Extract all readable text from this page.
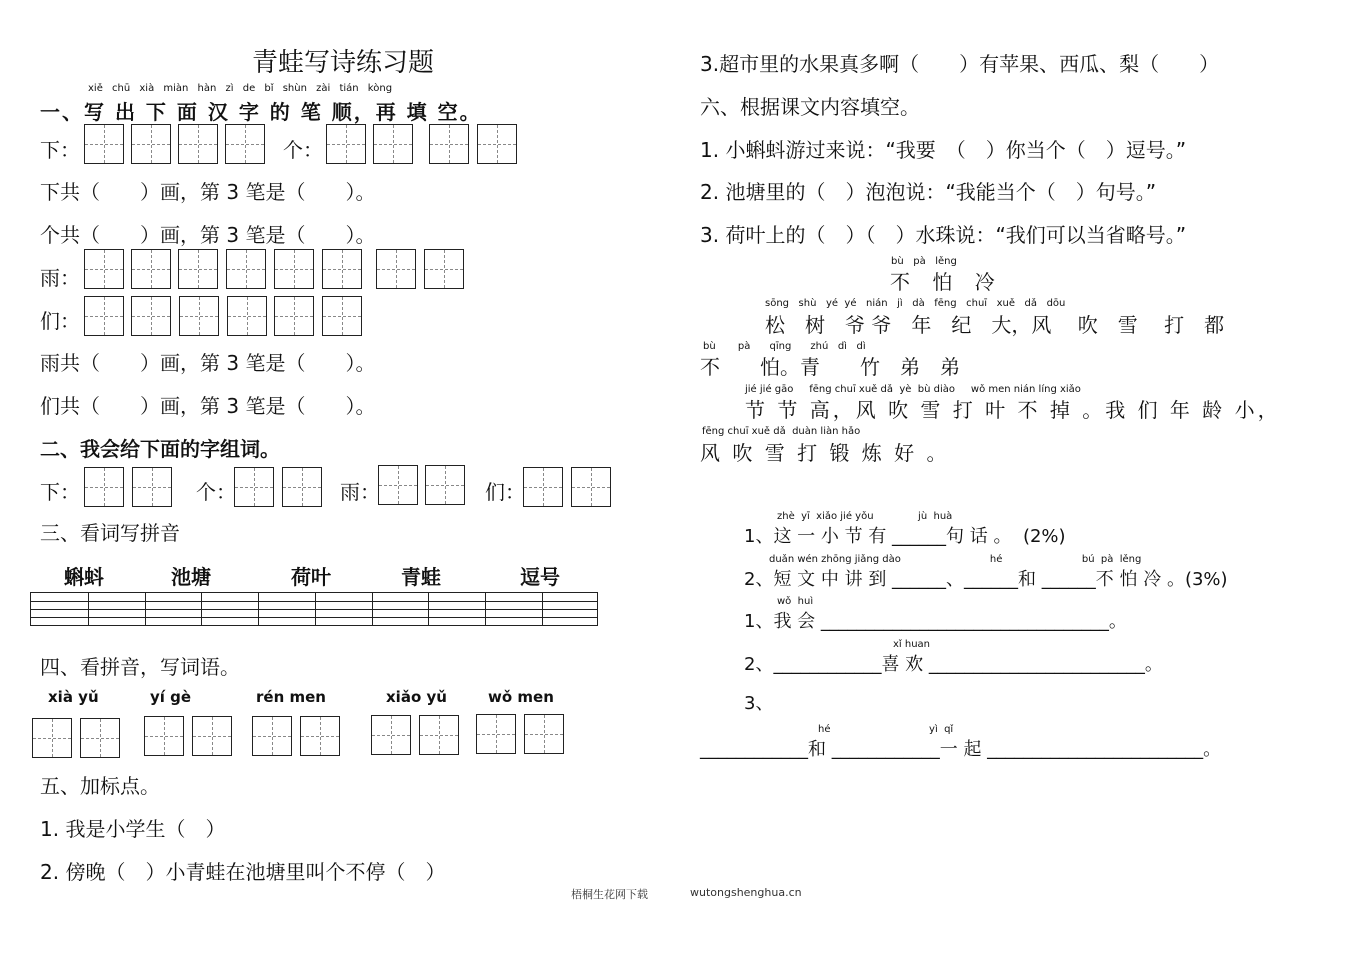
青蛙写诗练习题
xiě chū xià miàn hàn zì de bǐ shùn zài tián kòng
一、写 出 下 面 汉 字 的 笔 顺，再 填 空。
下：	个：
下共（　　）画，第 3 笔是（　　）。
个共（　　）画，第 3 笔是（　　）。
雨：
们：
雨共（　　）画，第 3 笔是（　　）。
们共（　　）画，第 3 笔是（　　）。
二、我会给下面的字组词。
下：	个：	雨：	们：
三、看词写拼音
蝌蚪	池塘	荷叶	青蛙	逗号
四、看拼音，写词语。
xià yǔ	yí gè	rén men	xiǎo yǔ	wǒ men
五、加标点。
1. 我是小学生（　）
2. 傍晚（　）小青蛙在池塘里叫个不停（　）
3.超市里的水果真多啊（　　）有苹果、西瓜、梨（　　）
六、根据课文内容填空。
1. 小蝌蚪游过来说：“我要　（　）你当个（　）逗号。”
2. 池塘里的（　）泡泡说：“我能当个（　）句号。”
3. 荷叶上的（　）（　）水珠说：“我们可以当省略号。”
bù   pà   lěng
不 怕 冷
sōng   shù   yé  yé   nián   jì   dà   fēng   chuī   xuě   dǎ   dōu
松　树　爷 爷　年　纪　大，风　 吹　雪　 打　都
bù       pà      qīng      zhú   dì   dì
不　　怕。青　　竹　弟　弟
jié jié gāo     fēng chuī xuě dǎ  yè  bù diào     wǒ men nián líng xiǎo
节 节 高，风 吹 雪 打 叶 不 掉 。我 们 年 龄 小，
fēng chuī xuě dǎ  duàn liàn hǎo
风 吹 雪 打 锻 炼 好 。
zhè  yī  xiǎo jié yǒu              jù  huà
1、这 一 小 节 有 ______句 话 。  (2%)
duǎn wén zhōng jiǎng dào                            hé                         bú  pà  lěng
2、短 文 中 讲 到 ______、______和 ______不 怕 冷 。(3%)
wǒ  huì
1、我 会 ________________________________。
xǐ huan
2、____________喜 欢 ________________________。
3、
hé                               yì  qǐ
____________和 ____________一 起 ________________________。
梧桐生花网下载	wutongshenghua.cn
